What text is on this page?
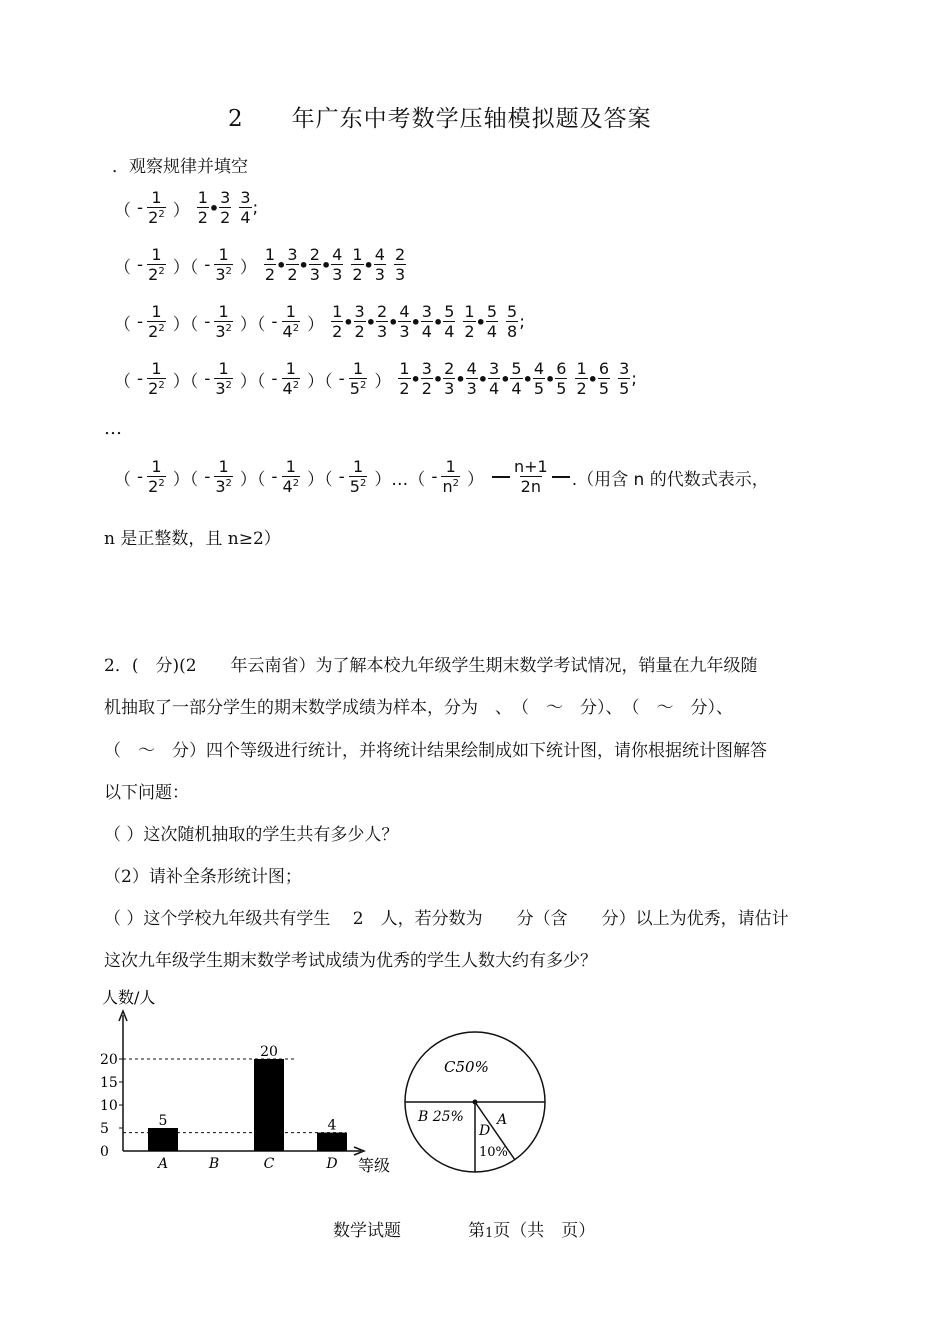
2　　年广东中考数学压轴模拟题及答案
．观察规律并填空
（ - $\frac{1}{2^2}$ ） $\frac{1}{2}$ • $\frac{3}{2} \frac{3}{4}$ ;
（ - $\frac{1}{2^2}$ ）（ - $\frac{1}{3^2}$ ） $\frac{1}{2}$ • $\frac{3}{2}$ • $\frac{2}{3}$ • $\frac{4}{3} \frac{1}{2}$ • $\frac{4}{3} \frac{2}{3}$
（ - $\frac{1}{2^2}$ ）（ - $\frac{1}{3^2}$ ）（ - $\frac{1}{4^2}$ ） $\frac{1}{2}$ • $\frac{3}{2}$ • $\frac{2}{3}$ • $\frac{4}{3}$ • $\frac{3}{4}$ • $\frac{5}{4} \frac{1}{2}$ • $\frac{5}{4} \frac{5}{8}$ ;
（ - $\frac{1}{2^2}$ ）（ - $\frac{1}{3^2}$ ）（ - $\frac{1}{4^2}$ ）（ - $\frac{1}{5^2}$ ） $\frac{1}{2}$ • $\frac{3}{2}$ • $\frac{2}{3}$ • $\frac{4}{3}$ • $\frac{3}{4}$ • $\frac{5}{4}$ • $\frac{4}{5}$ • $\frac{6}{5} \frac{1}{2}$ • $\frac{6}{5} \frac{3}{5}$ ;
…
（ - $\frac{1}{2^2}$ ）（ - $\frac{1}{3^2}$ ）（ - $\frac{1}{4^2}$ ）（ - $\frac{1}{5^2}$ ）…（ - $\frac{1}{n^2}$ ） $\frac{n+1}{2n}$ .（用含 n 的代数式表示，
n 是正整数，且 n≥2）
2．(　分)(2　　年云南省）为了解本校九年级学生期末数学考试情况，销量在九年级随
机抽取了一部分学生的期末数学成绩为样本，分为　、　（　～　分）、　（　～　分）、
（　～　分）四个等级进行统计，并将统计结果绘制成如下统计图，请你根据统计图解答
以下问题：
（ ）这次随机抽取的学生共有多少人？
（2）请补全条形统计图；
（ ）这个学校九年级共有学生　 2　人，若分数为　　分（含　　分）以上为优秀，请估计
这次九年级学生期末数学考试成绩为优秀的学生人数大约有多少？
人数/人
等级
0
5
10
15
20
5
A	B
20
C
4
D
C50%
B 25% A
D
10%
数学试题	第1页（共　页）
